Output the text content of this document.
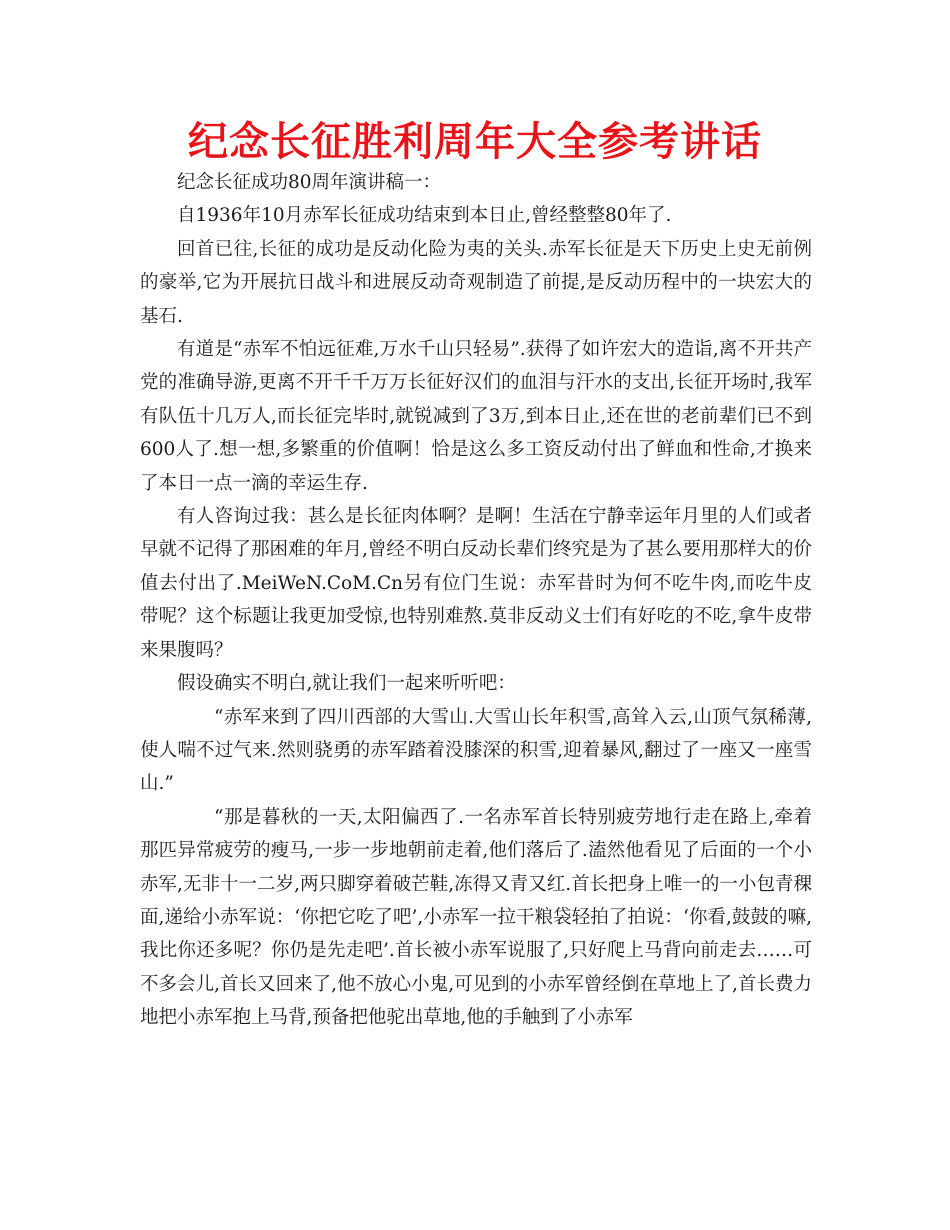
纪念长征胜利周年大全参考讲话

纪念长征成功80周年演讲稿一：

自1936年10月赤军长征成功结束到本日止,曾经整整80年了.

回首已往,长征的成功是反动化险为夷的关头.赤军长征是天下历史上史无前例的豪举,它为开展抗日战斗和进展反动奇观制造了前提,是反动历程中的一块宏大的基石.

有道是“赤军不怕远征难,万水千山只轻易”.获得了如许宏大的造诣,离不开共产党的准确导游,更离不开千千万万长征好汉们的血泪与汗水的支出,长征开场时,我军有队伍十几万人,而长征完毕时,就锐减到了3万,到本日止,还在世的老前辈们已不到600人了.想一想,多繁重的价值啊！恰是这么多工资反动付出了鲜血和性命,才换来了本日一点一滴的幸运生存.

有人咨询过我：甚么是长征肉体啊？是啊！生活在宁静幸运年月里的人们或者早就不记得了那困难的年月,曾经不明白反动长辈们终究是为了甚么要用那样大的价值去付出了.MeiWeN.CoM.Cn另有位门生说：赤军昔时为何不吃牛肉,而吃牛皮带呢？这个标题让我更加受惊,也特别难熬.莫非反动义士们有好吃的不吃,拿牛皮带来果腹吗？

假设确实不明白,就让我们一起来听听吧：

“赤军来到了四川西部的大雪山.大雪山长年积雪,高耸入云,山顶气氛稀薄,使人喘不过气来.然则骁勇的赤军踏着没膝深的积雪,迎着暴风,翻过了一座又一座雪山.”

“那是暮秋的一天,太阳偏西了.一名赤军首长特别疲劳地行走在路上,牵着那匹异常疲劳的瘦马,一步一步地朝前走着,他们落后了.溘然他看见了后面的一个小赤军,无非十一二岁,两只脚穿着破芒鞋,冻得又青又红.首长把身上唯一的一小包青稞面,递给小赤军说：‘你把它吃了吧’,小赤军一拉干粮袋轻拍了拍说：‘你看,鼓鼓的嘛,我比你还多呢？你仍是先走吧’.首长被小赤军说服了,只好爬上马背向前走去……可不多会儿,首长又回来了,他不放心小鬼,可见到的小赤军曾经倒在草地上了,首长费力地把小赤军抱上马背,预备把他驼出草地,他的手触到了小赤军
